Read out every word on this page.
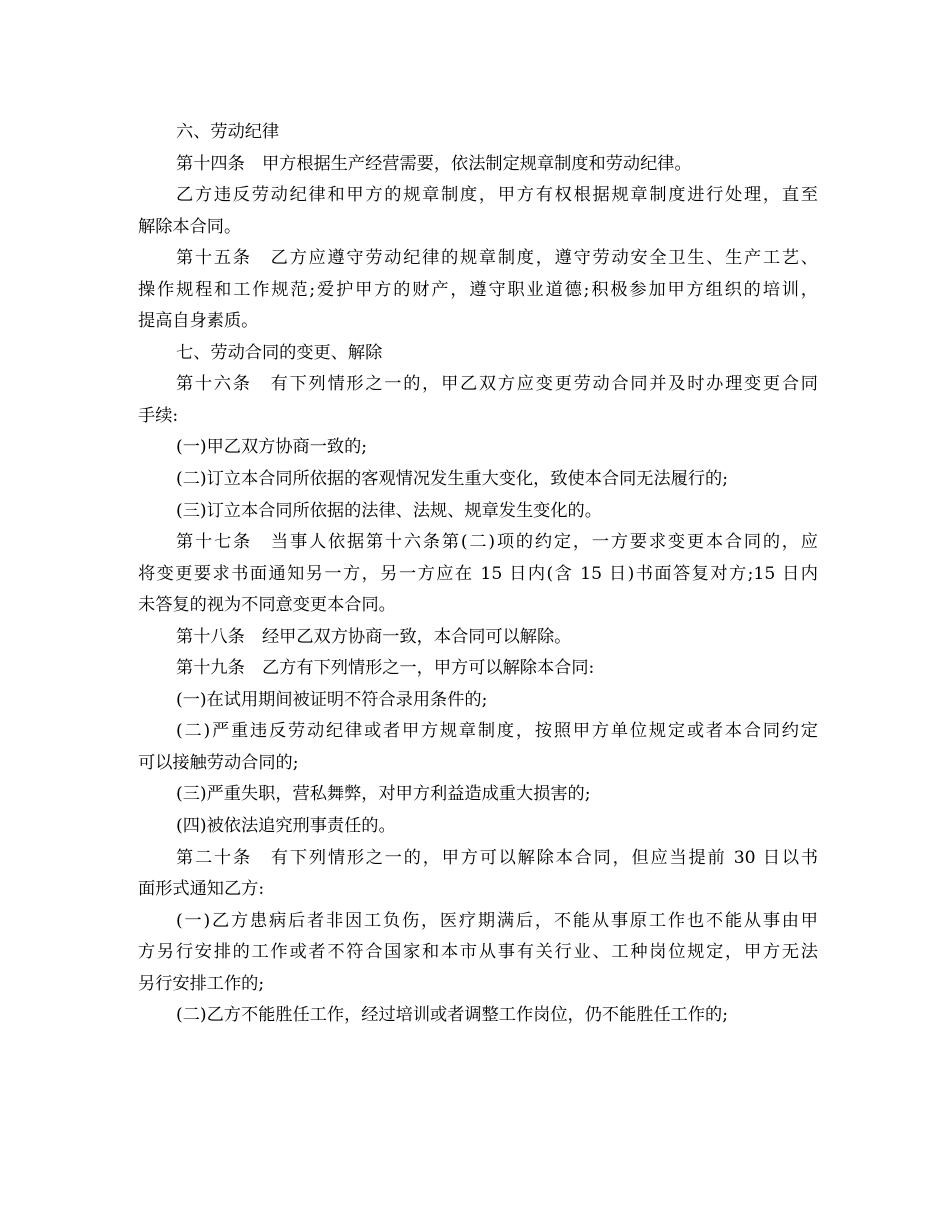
六、劳动纪律
第十四条　甲方根据生产经营需要，依法制定规章制度和劳动纪律。
乙方违反劳动纪律和甲方的规章制度，甲方有权根据规章制度进行处理，直至
解除本合同。
第十五条　乙方应遵守劳动纪律的规章制度，遵守劳动安全卫生、生产工艺、
操作规程和工作规范;爱护甲方的财产，遵守职业道德;积极参加甲方组织的培训，
提高自身素质。
七、劳动合同的变更、解除
第十六条　有下列情形之一的，甲乙双方应变更劳动合同并及时办理变更合同
手续:
(一)甲乙双方协商一致的;
(二)订立本合同所依据的客观情况发生重大变化，致使本合同无法履行的;
(三)订立本合同所依据的法律、法规、规章发生变化的。
第十七条　当事人依据第十六条第(二)项的约定，一方要求变更本合同的，应
将变更要求书面通知另一方，另一方应在 15 日内(含 15 日)书面答复对方;15 日内
未答复的视为不同意变更本合同。
第十八条　经甲乙双方协商一致，本合同可以解除。
第十九条　乙方有下列情形之一，甲方可以解除本合同:
(一)在试用期间被证明不符合录用条件的;
(二)严重违反劳动纪律或者甲方规章制度，按照甲方单位规定或者本合同约定
可以接触劳动合同的;
(三)严重失职，营私舞弊，对甲方利益造成重大损害的;
(四)被依法追究刑事责任的。
第二十条　有下列情形之一的，甲方可以解除本合同，但应当提前 30 日以书
面形式通知乙方:
(一)乙方患病后者非因工负伤，医疗期满后，不能从事原工作也不能从事由甲
方另行安排的工作或者不符合国家和本市从事有关行业、工种岗位规定，甲方无法
另行安排工作的;
(二)乙方不能胜任工作，经过培训或者调整工作岗位，仍不能胜任工作的;
